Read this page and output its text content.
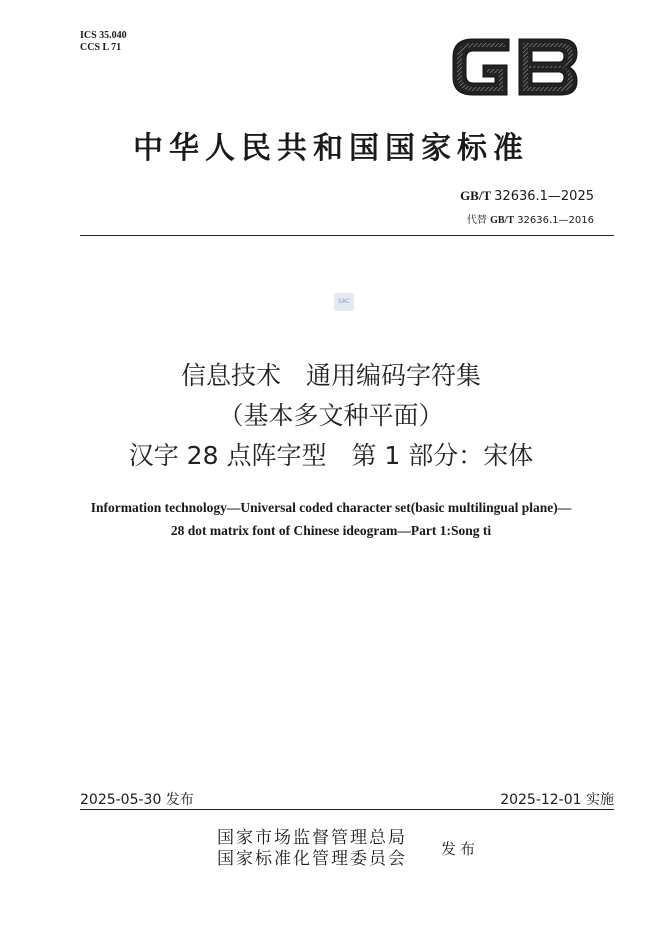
ICS 35.040
CCS L 71
中华人民共和国国家标准
GB/T 32636.1—2025
代替 GB/T 32636.1—2016
SAC
信息技术　通用编码字符集
（基本多文种平面）
汉字 28 点阵字型　第 1 部分：宋体
Information technology—Universal coded character set(basic multilingual plane)—
28 dot matrix font of Chinese ideogram—Part 1:Song ti
2025-05-30 发布	2025-12-01 实施
国家市场监督管理总局
国家标准化管理委员会 发布
